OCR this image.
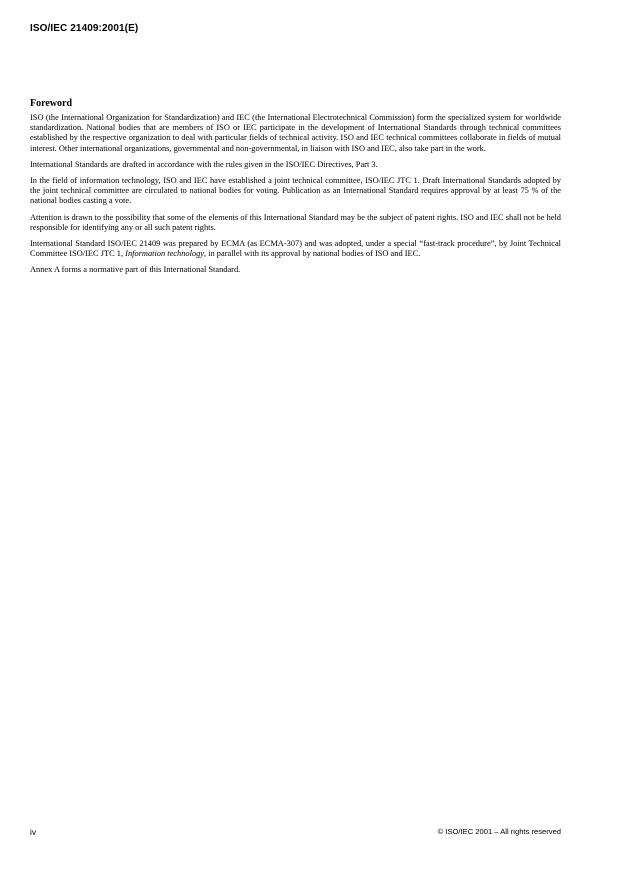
ISO/IEC 21409:2001(E)
Foreword

ISO (the International Organization for Standardization) and IEC (the International Electrotechnical Commission) form the specialized system for worldwide standardization. National bodies that are members of ISO or IEC participate in the development of International Standards through technical committees established by the respective organization to deal with particular fields of technical activity. ISO and IEC technical committees collaborate in fields of mutual interest. Other international organizations, governmental and non-governmental, in liaison with ISO and IEC, also take part in the work.

International Standards are drafted in accordance with the rules given in the ISO/IEC Directives, Part 3.

In the field of information technology, ISO and IEC have established a joint technical committee, ISO/IEC JTC 1. Draft International Standards adopted by the joint technical committee are circulated to national bodies for voting. Publication as an International Standard requires approval by at least 75 % of the national bodies casting a vote.

Attention is drawn to the possibility that some of the elements of this International Standard may be the subject of patent rights. ISO and IEC shall not be held responsible for identifying any or all such patent rights.

International Standard ISO/IEC 21409 was prepared by ECMA (as ECMA-307) and was adopted, under a special “fast-track procedure”, by Joint Technical Committee ISO/IEC JTC 1, Information technology, in parallel with its approval by national bodies of ISO and IEC.

Annex A forms a normative part of this International Standard.

iv	© ISO/IEC 2001 – All rights reserved
